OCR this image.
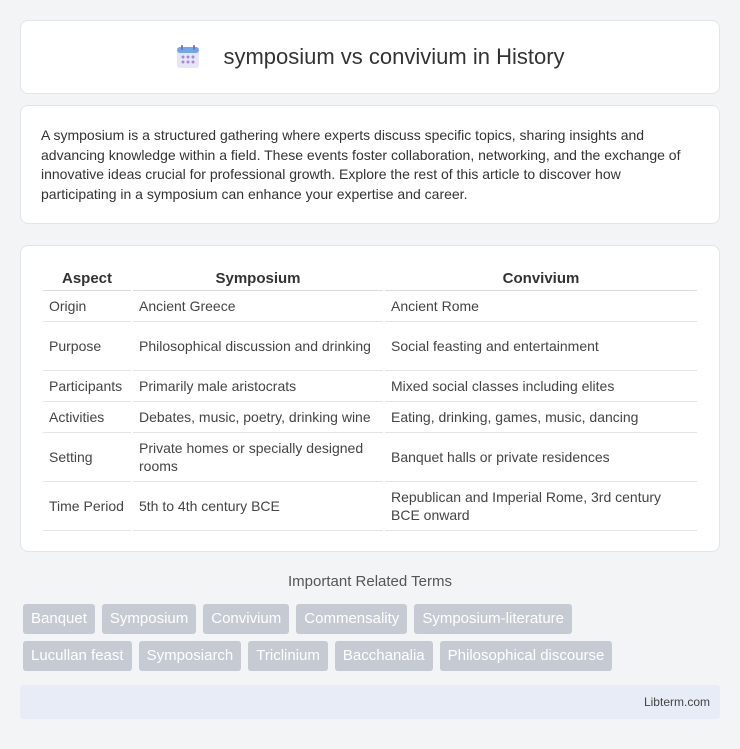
symposium vs convivium in History

A symposium is a structured gathering where experts discuss specific topics, sharing insights and advancing knowledge within a field. These events foster collaboration, networking, and the exchange of innovative ideas crucial for professional growth. Explore the rest of this article to discover how participating in a symposium can enhance your expertise and career.

Aspect	Symposium	Convivium
Origin	Ancient Greece	Ancient Rome
Purpose	Philosophical discussion and drinking	Social feasting and entertainment
Participants	Primarily male aristocrats	Mixed social classes including elites
Activities	Debates, music, poetry, drinking wine	Eating, drinking, games, music, dancing
Setting	Private homes or specially designed rooms	Banquet halls or private residences
Time Period	5th to 4th century BCE	Republican and Imperial Rome, 3rd century BCE onward
Important Related Terms
Banquet	Symposium	Convivium	Commensality	Symposium-literature
Lucullan feast	Symposiarch	Triclinium	Bacchanalia	Philosophical discourse
Libterm.com
